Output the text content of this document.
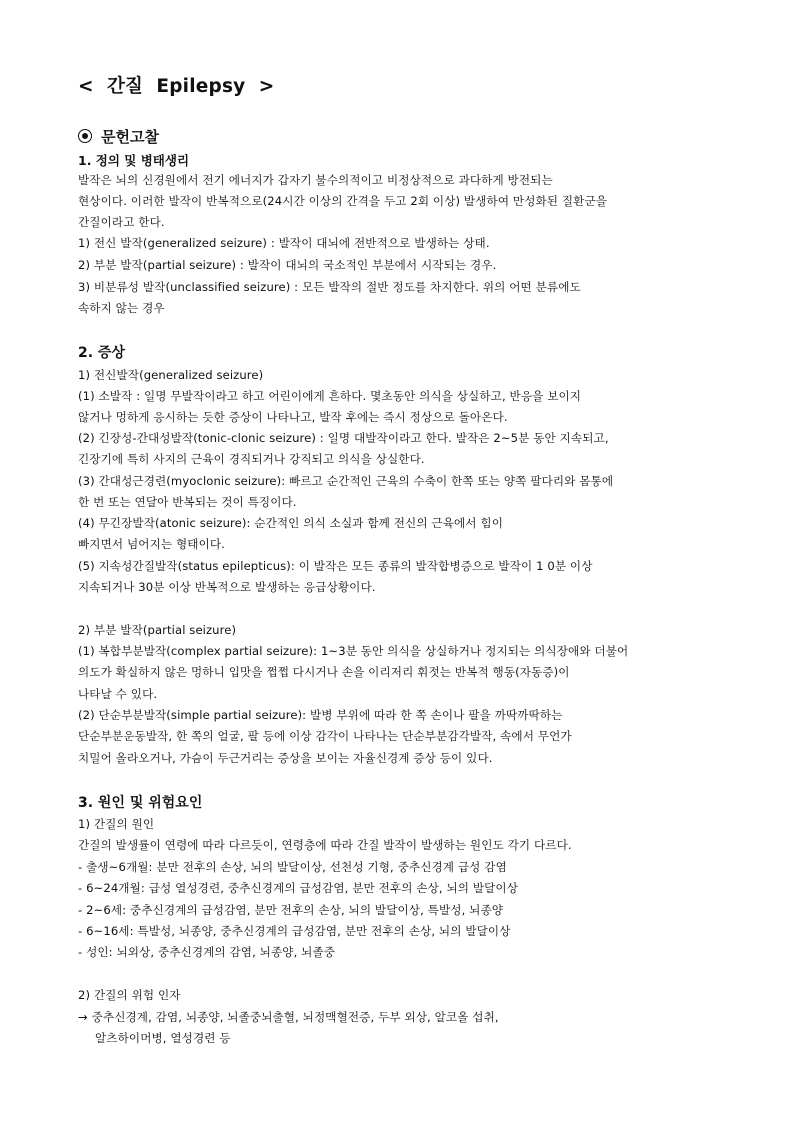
<  간질  Epilepsy  >
문헌고찰
1. 정의 및 병태생리
발작은 뇌의 신경원에서 전기 에너지가 갑자기 불수의적이고 비정상적으로 과다하게 방전되는
현상이다. 이러한 발작이 반복적으로(24시간 이상의 간격을 두고 2회 이상) 발생하여 만성화된 질환군을
간질이라고 한다.
1) 전신 발작(generalized seizure) : 발작이 대뇌에 전반적으로 발생하는 상태.
2) 부분 발작(partial seizure) : 발작이 대뇌의 국소적인 부분에서 시작되는 경우.
3) 비분류성 발작(unclassified seizure) : 모든 발작의 절반 정도를 차지한다. 위의 어떤 분류에도
속하지 않는 경우
2. 증상
1) 전신발작(generalized seizure)
(1) 소발작 : 일명 무발작이라고 하고 어린이에게 흔하다. 몇초동안 의식을 상실하고, 반응을 보이지
않거나 멍하게 응시하는 듯한 증상이 나타나고, 발작 후에는 즉시 정상으로 돌아온다.
(2) 긴장성-간대성발작(tonic-clonic seizure) : 일명 대발작이라고 한다. 발작은 2~5분 동안 지속되고,
긴장기에 특히 사지의 근육이 경직되거나 강직되고 의식을 상실한다.
(3) 간대성근경련(myoclonic seizure): 빠르고 순간적인 근육의 수축이 한쪽 또는 양쪽 팔다리와 몸통에
한 번 또는 연달아 반복되는 것이 특징이다.
(4) 무긴장발작(atonic seizure): 순간적인 의식 소실과 함께 전신의 근육에서 힘이
빠지면서 넘어지는 형태이다.
(5) 지속성간질발작(status epilepticus): 이 발작은 모든 종류의 발작합병증으로 발작이 1 0분 이상
지속되거나 30분 이상 반복적으로 발생하는 응급상황이다.
2) 부분 발작(partial seizure)
(1) 복합부분발작(complex partial seizure): 1~3분 동안 의식을 상실하거나 정지되는 의식장애와 더불어
의도가 확실하지 않은 멍하니 입맛을 쩝쩝 다시거나 손을 이리저리 휘젓는 반복적 행동(자동증)이
나타날 수 있다.
(2) 단순부분발작(simple partial seizure): 발병 부위에 따라 한 쪽 손이나 팔을 까딱까딱하는
단순부분운동발작, 한 쪽의 얼굴, 팔 등에 이상 감각이 나타나는 단순부분감각발작, 속에서 무언가
치밀어 올라오거나, 가슴이 두근거리는 증상을 보이는 자율신경계 증상 등이 있다.
3. 원인 및 위험요인
1) 간질의 원인
간질의 발생률이 연령에 따라 다르듯이, 연령층에 따라 간질 발작이 발생하는 원인도 각기 다르다.
- 출생~6개월: 분만 전후의 손상, 뇌의 발달이상, 선천성 기형, 중추신경계 급성 감염
- 6~24개월: 급성 열성경련, 중추신경계의 급성감염, 분만 전후의 손상, 뇌의 발달이상
- 2~6세: 중추신경계의 급성감염, 분만 전후의 손상, 뇌의 발달이상, 특발성, 뇌종양
- 6~16세: 특발성, 뇌종양, 중추신경계의 급성감염, 분만 전후의 손상, 뇌의 발달이상
- 성인: 뇌외상, 중추신경계의 감염, 뇌종양, 뇌졸중
2) 간질의 위험 인자
→ 중추신경계, 감염, 뇌종양, 뇌졸중뇌출혈, 뇌정맥혈전증, 두부 외상, 알코올 섭취,
알츠하이머병, 열성경련 등
